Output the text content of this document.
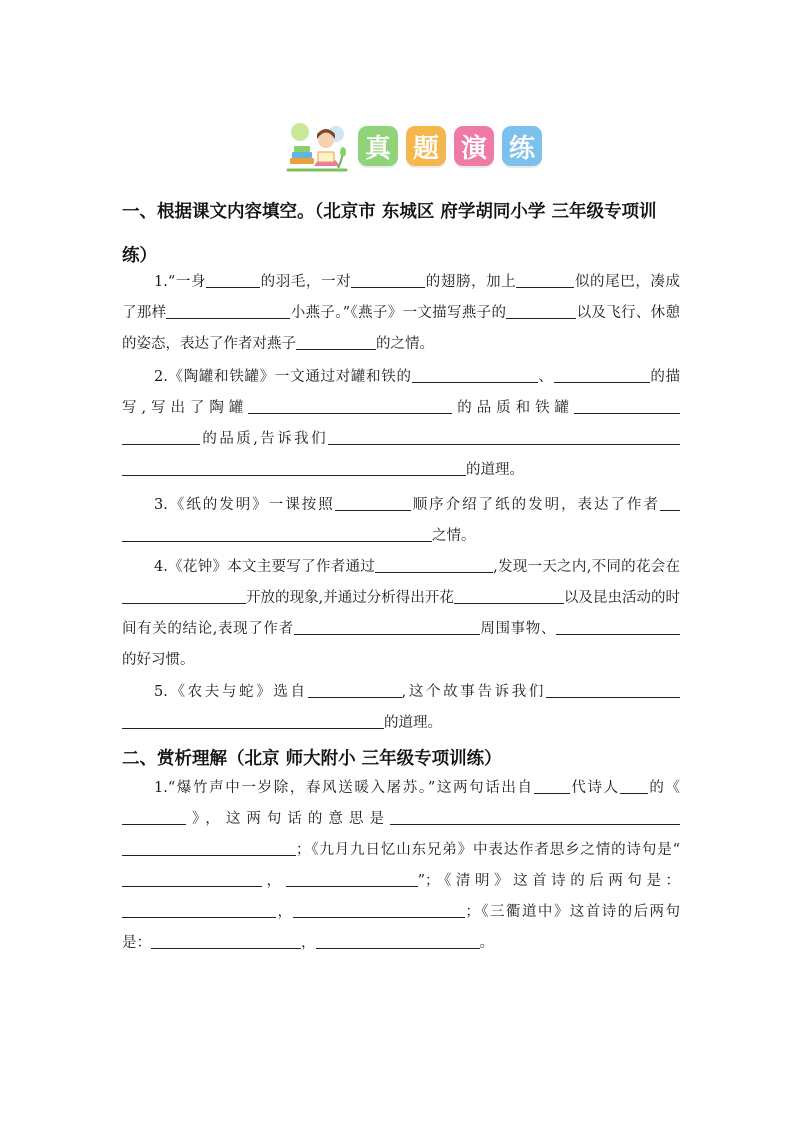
真 题 演 练
一、根据课文内容填空。（北京市 东城区 府学胡同小学 三年级专项训练）
1.“一身	的羽毛，一对	的翅膀，加上	似的尾巴，凑成了那样	小燕子。”《燕子》一文描写燕子的	以及飞行、休憩的姿态，表达了作者对燕子	的之情。
2.《陶罐和铁罐》一文通过对罐和铁的	、	的描写,写出了陶罐	的品质和铁罐的品质,告诉我们的道理。
3.《纸的发明》一课按照	顺序介绍了纸的发明，表达了作者之情。
4.《花钟》本文主要写了作者通过	,发现一天之内,不同的花会在开放的现象,并通过分析得出开花	以及昆虫活动的时间有关的结论,表现了作者	周围事物、的好习惯。
5.《农夫与蛇》选自	,这个故事告诉我们的道理。
二、赏析理解（北京 师大附小 三年级专项训练）
1.“爆竹声中一岁除，春风送暖入屠苏。”这两句话出自 代诗人 的《》，这两句话的意思是；《九月九日忆山东兄弟》中表达作者思乡之情的诗句是“，	”；《清明》这首诗的后两句是：，	；《三衢道中》这首诗的后两句是：	，	。
